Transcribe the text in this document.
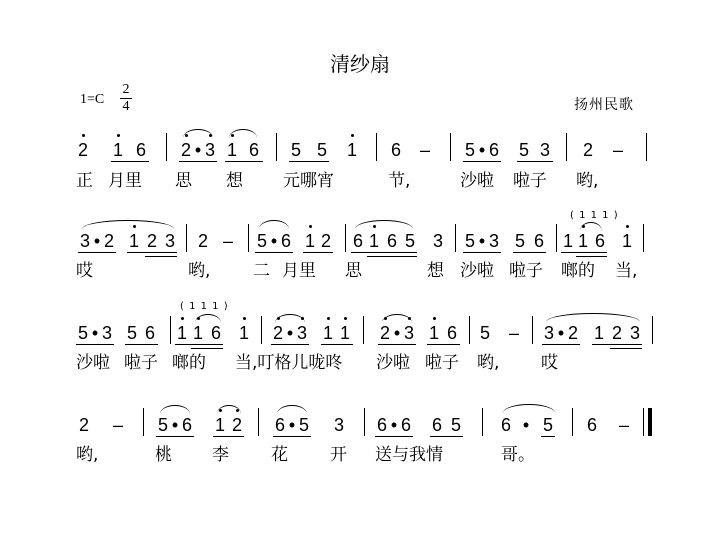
清纱扇
1=C
2
4	扬州民歌
2 1 6 2 • 3 1 6 5 5 1 6 – 5 • 6 5 3 2 –
正 月里 思 想 元哪宵	节,	沙啦 啦子 哟,
3 • 2 1 2 3 2 – 5 • 6 1 2 6 1 6 5 3 5 • 3 5 6 1 1 6 1
( 1 1 1 )
哎	哟,	二 月里 思	想 沙啦 啦子 啷的 当,
5 • 3 5 6 1 1 6 1 2 • 3 1 1 2 • 3 1 6 5 – 3 • 2 1 2 3
( 1 1 1 )
沙啦 啦子 啷的 当,叮格儿咙咚 沙啦 啦子 哟, 哎
2 – 5 • 6 1 2 6 • 5 3 6 • 6 6 5 6 • 5 6 –
哟,	桃 李 花 开 送与我情	哥。
